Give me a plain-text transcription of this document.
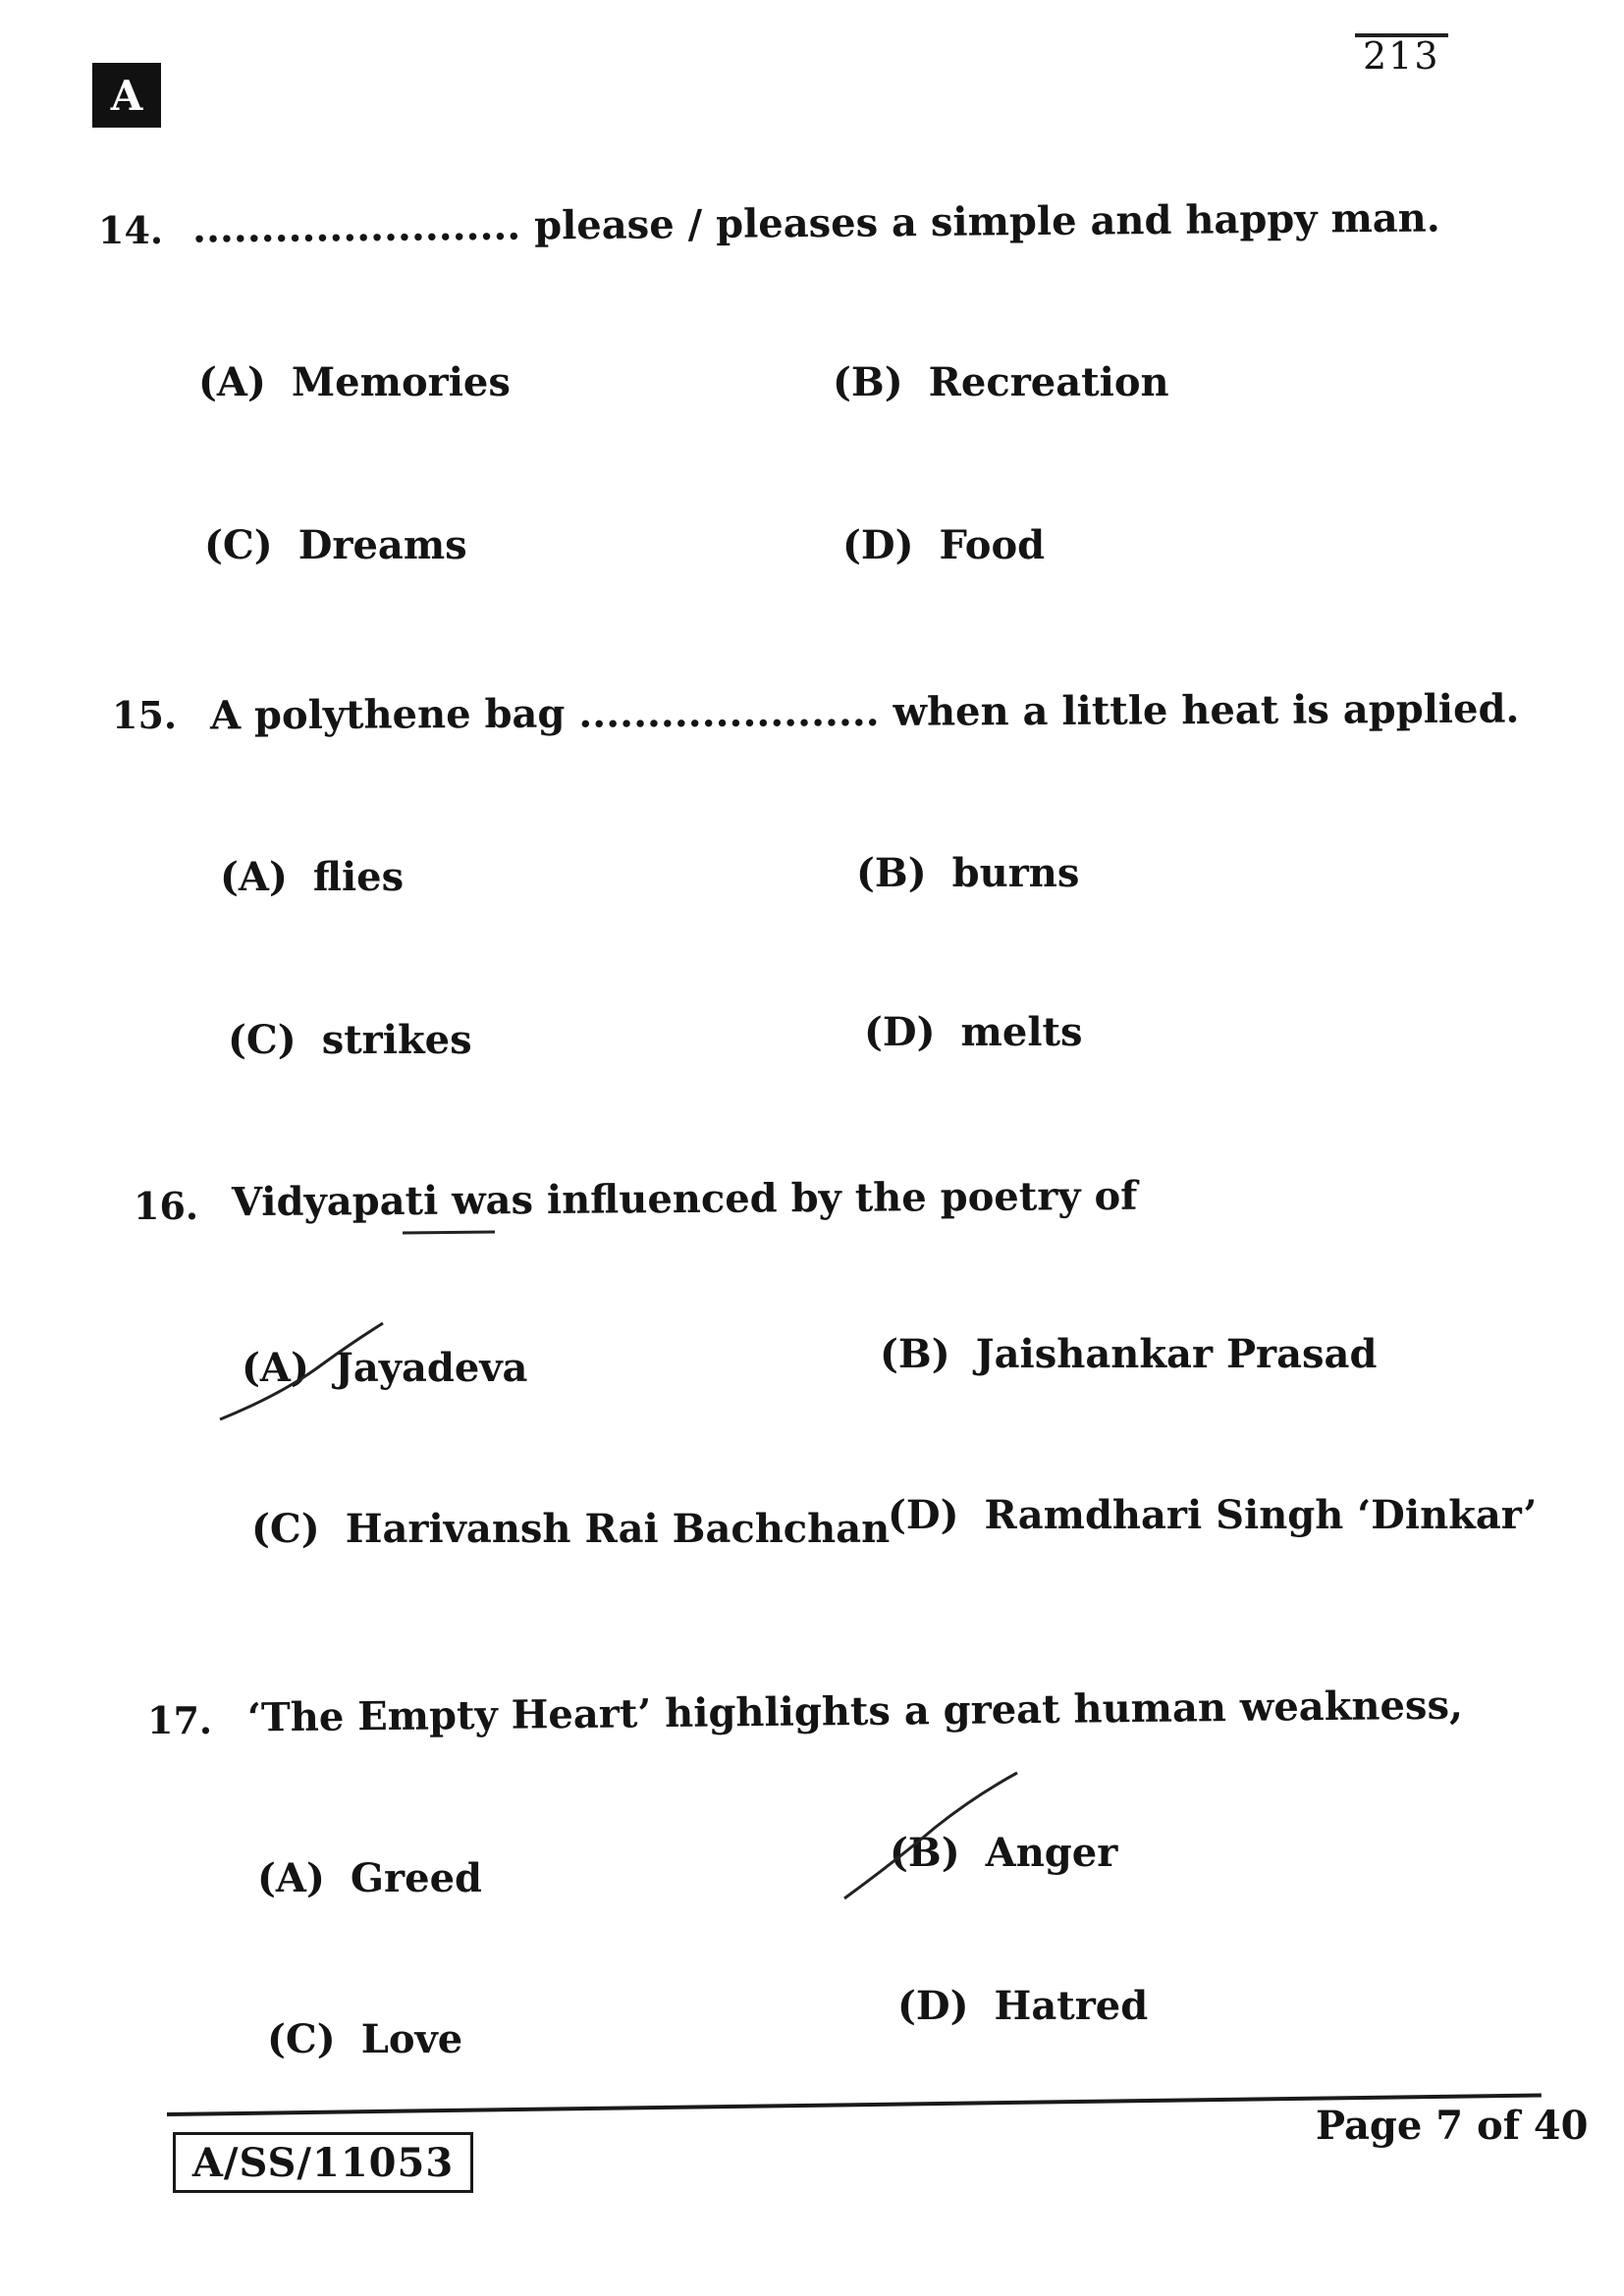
A
213
14. ........................ please / pleases a simple and happy man.
(A) Memories	(B) Recreation
(C) Dreams	(D) Food
15. A polythene bag ...................... when a little heat is applied.
(A) flies	(B) burns
(C) strikes	(D) melts
16. Vidyapati was influenced by the poetry of
(A) Jayadeva	(B) Jaishankar Prasad
(C) Harivansh Rai Bachchan
(D) Ramdhari Singh ‘Dinkar’
17. ‘The Empty Heart’ highlights a great human weakness,
(A) Greed
(B) Anger
(C) Love
(D) Hatred
A/SS/11053
Page 7 of 40
